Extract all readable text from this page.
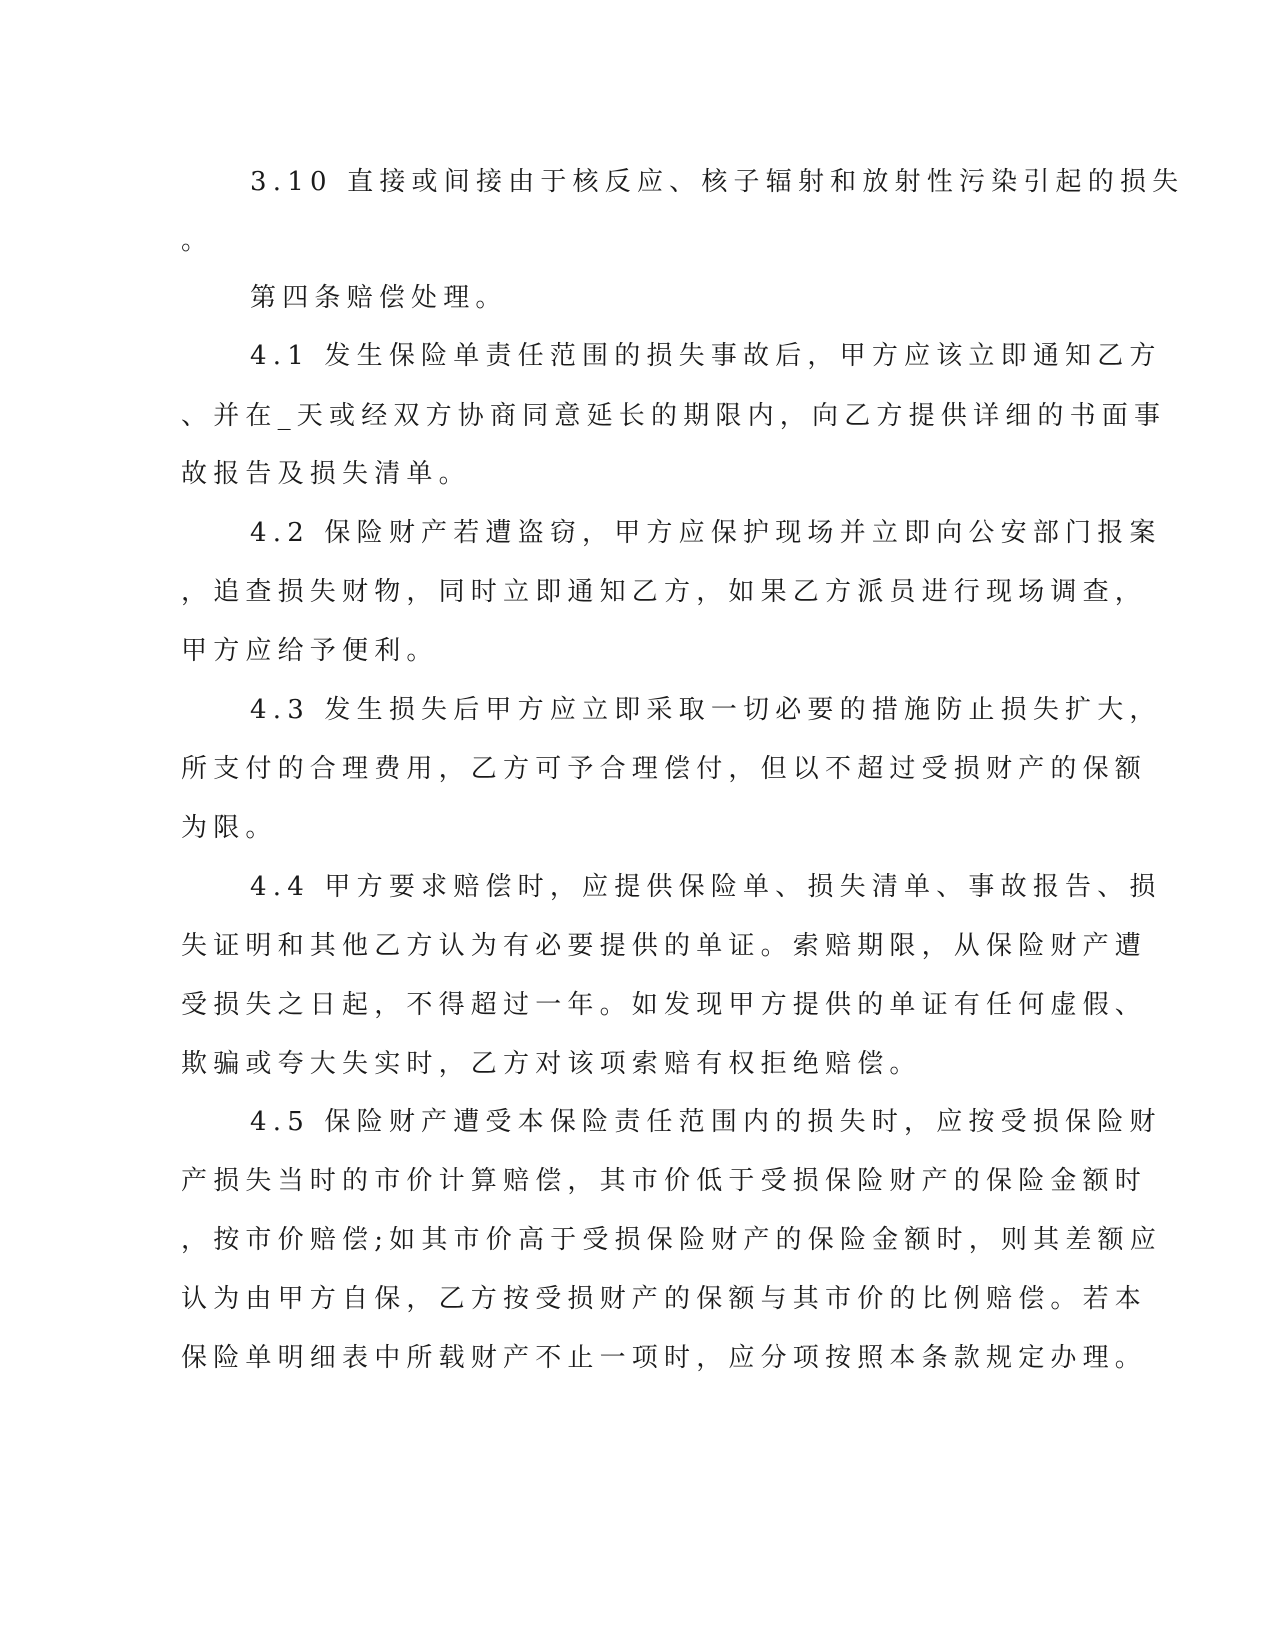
3.10 直接或间接由于核反应、核子辐射和放射性污染引起的损失
。
第四条赔偿处理。
4.1 发生保险单责任范围的损失事故后，甲方应该立即通知乙方
、并在_天或经双方协商同意延长的期限内，向乙方提供详细的书面事
故报告及损失清单。
4.2 保险财产若遭盗窃，甲方应保护现场并立即向公安部门报案
，追查损失财物，同时立即通知乙方，如果乙方派员进行现场调查，
甲方应给予便利。
4.3 发生损失后甲方应立即采取一切必要的措施防止损失扩大，
所支付的合理费用，乙方可予合理偿付，但以不超过受损财产的保额
为限。
4.4 甲方要求赔偿时，应提供保险单、损失清单、事故报告、损
失证明和其他乙方认为有必要提供的单证。索赔期限，从保险财产遭
受损失之日起，不得超过一年。如发现甲方提供的单证有任何虚假、
欺骗或夸大失实时，乙方对该项索赔有权拒绝赔偿。
4.5 保险财产遭受本保险责任范围内的损失时，应按受损保险财
产损失当时的市价计算赔偿，其市价低于受损保险财产的保险金额时
，按市价赔偿;如其市价高于受损保险财产的保险金额时，则其差额应
认为由甲方自保，乙方按受损财产的保额与其市价的比例赔偿。若本
保险单明细表中所载财产不止一项时，应分项按照本条款规定办理。
